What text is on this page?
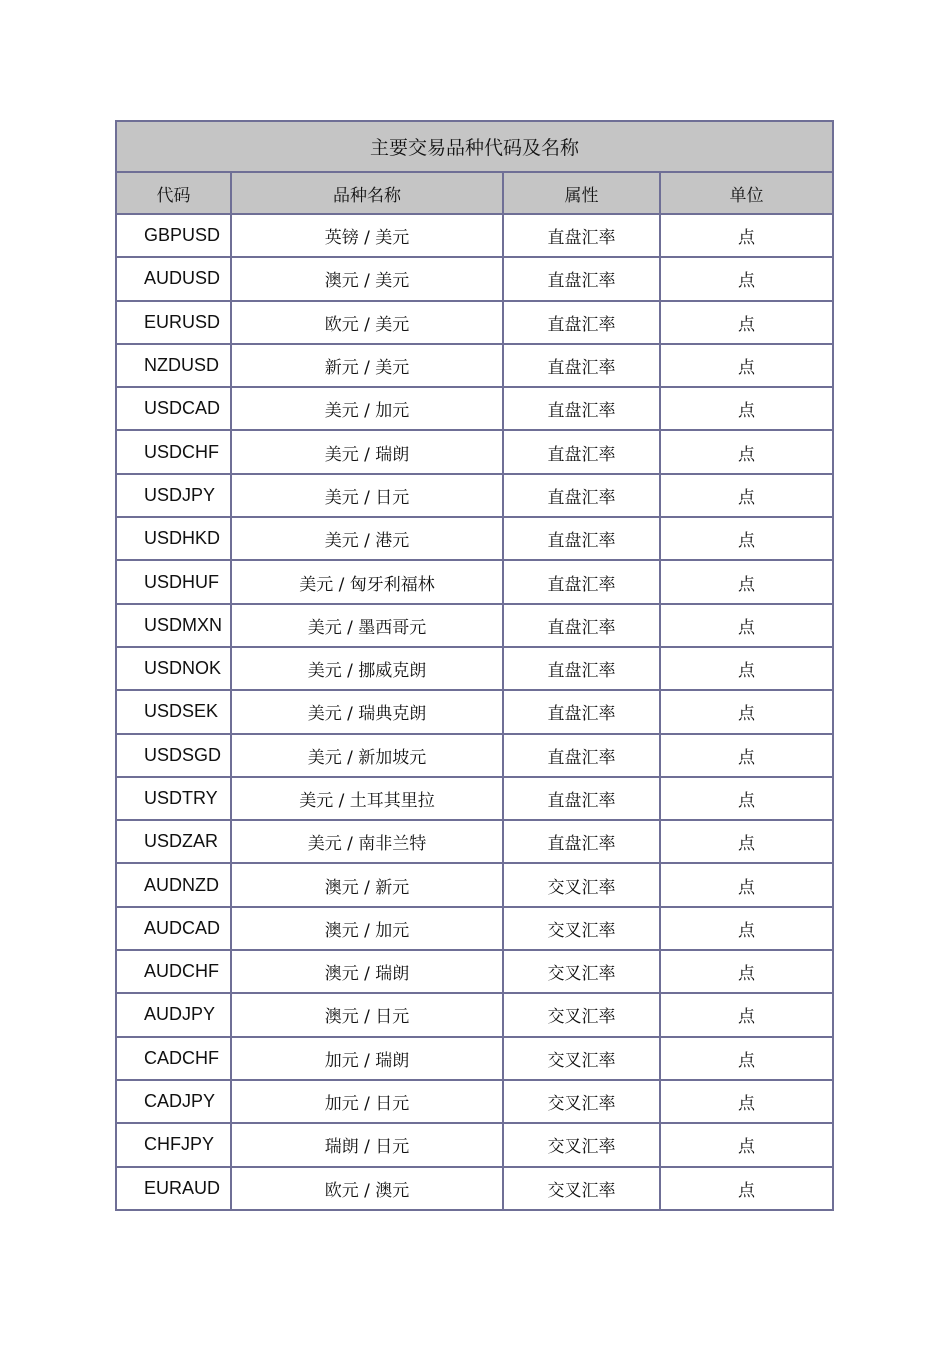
主要交易品种代码及名称			
代码	品种名称	属性	单位
GBPUSD	英镑 / 美元	直盘汇率	点
AUDUSD	澳元 / 美元	直盘汇率	点
EURUSD	欧元 / 美元	直盘汇率	点
NZDUSD	新元 / 美元	直盘汇率	点
USDCAD	美元 / 加元	直盘汇率	点
USDCHF	美元 / 瑞朗	直盘汇率	点
USDJPY	美元 / 日元	直盘汇率	点
USDHKD	美元 / 港元	直盘汇率	点
USDHUF	美元 / 匈牙利福林	直盘汇率	点
USDMXN	美元 / 墨西哥元	直盘汇率	点
USDNOK	美元 / 挪威克朗	直盘汇率	点
USDSEK	美元 / 瑞典克朗	直盘汇率	点
USDSGD	美元 / 新加坡元	直盘汇率	点
USDTRY	美元 / 土耳其里拉	直盘汇率	点
USDZAR	美元 / 南非兰特	直盘汇率	点
AUDNZD	澳元 / 新元	交叉汇率	点
AUDCAD	澳元 / 加元	交叉汇率	点
AUDCHF	澳元 / 瑞朗	交叉汇率	点
AUDJPY	澳元 / 日元	交叉汇率	点
CADCHF	加元 / 瑞朗	交叉汇率	点
CADJPY	加元 / 日元	交叉汇率	点
CHFJPY	瑞朗 / 日元	交叉汇率	点
EURAUD	欧元 / 澳元	交叉汇率	点
